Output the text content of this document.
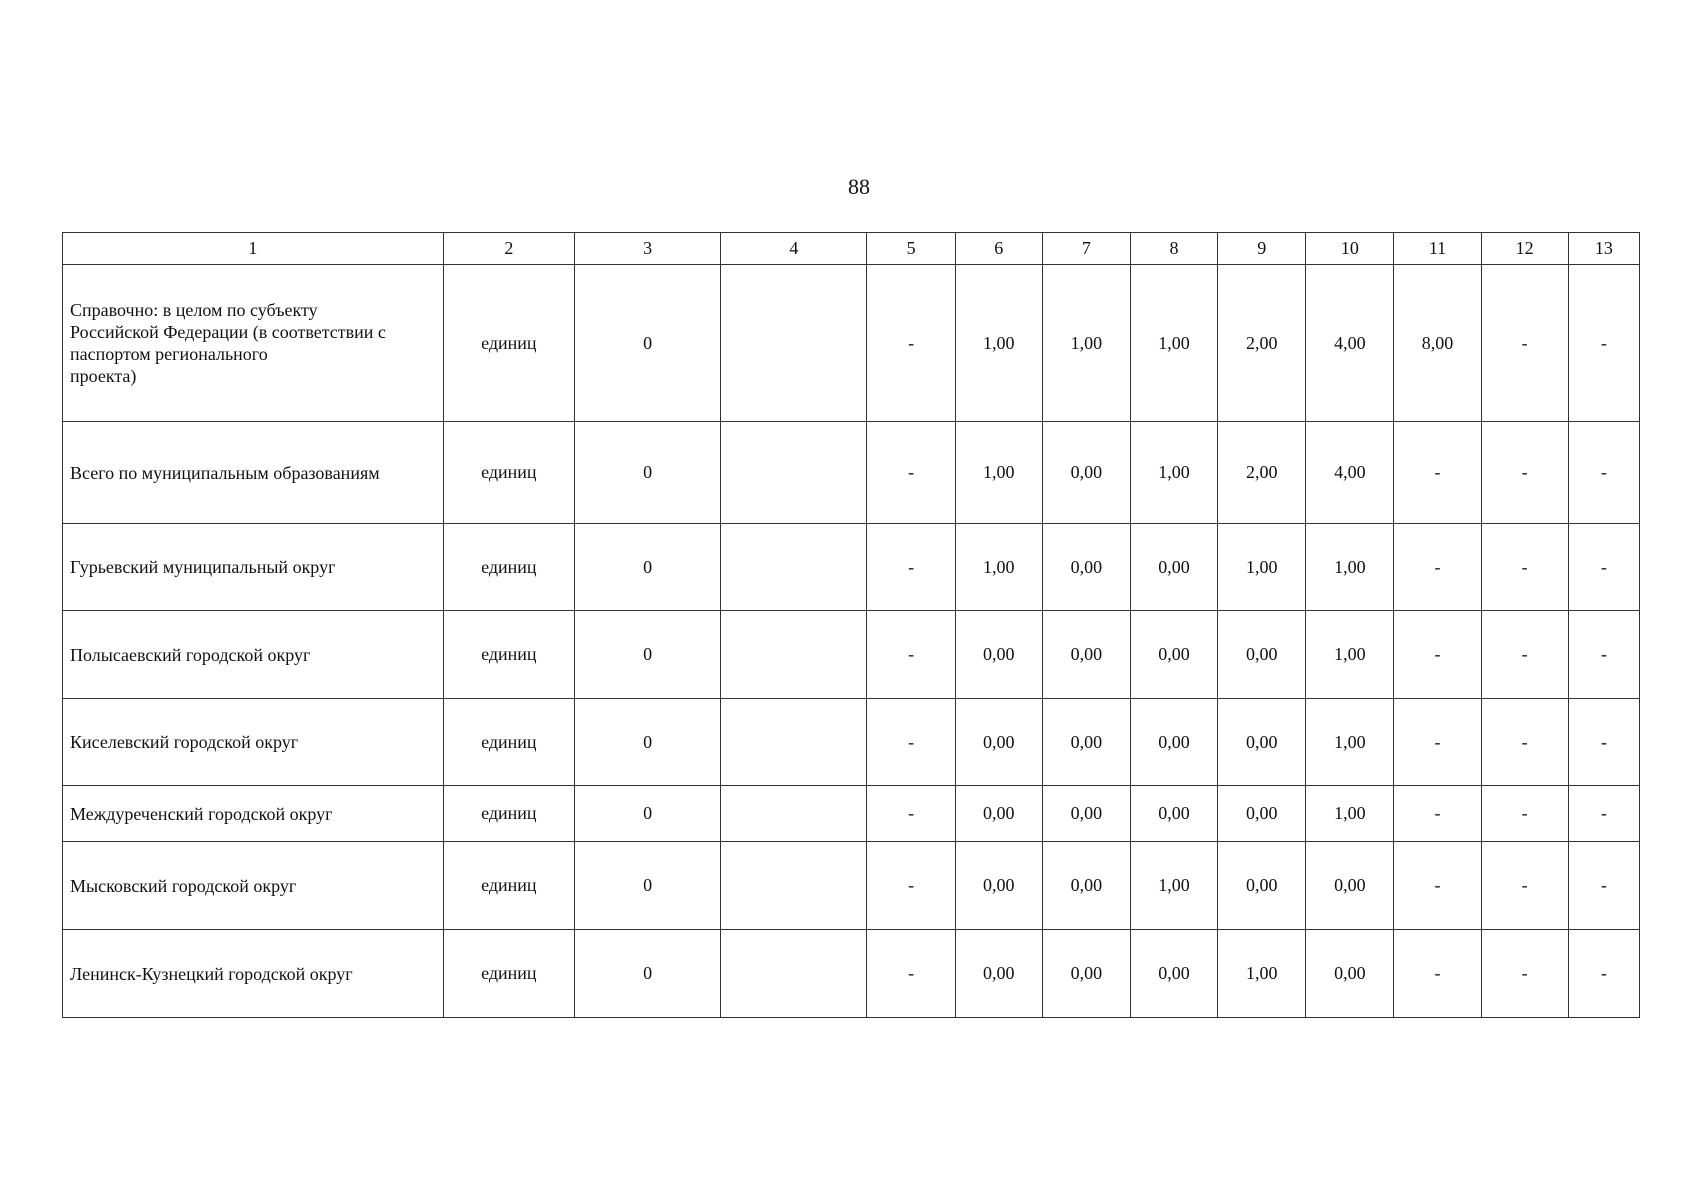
88
1	2	3	4	5	6	7	8	9	10	11	12	13
Справочно: в целом по субъекту
Российской Федерации (в соответствии с
паспортом регионального
проекта)	единиц	0		-	1,00	1,00	1,00	2,00	4,00	8,00	-	-
Всего по муниципальным образованиям	единиц	0		-	1,00	0,00	1,00	2,00	4,00	-	-	-
Гурьевский муниципальный округ	единиц	0		-	1,00	0,00	0,00	1,00	1,00	-	-	-
Полысаевский городской округ	единиц	0		-	0,00	0,00	0,00	0,00	1,00	-	-	-
Киселевский городской округ	единиц	0		-	0,00	0,00	0,00	0,00	1,00	-	-	-
Междуреченский городской округ	единиц	0		-	0,00	0,00	0,00	0,00	1,00	-	-	-
Мысковский городской округ	единиц	0		-	0,00	0,00	1,00	0,00	0,00	-	-	-
Ленинск-Кузнецкий городской округ	единиц	0		-	0,00	0,00	0,00	1,00	0,00	-	-	-
